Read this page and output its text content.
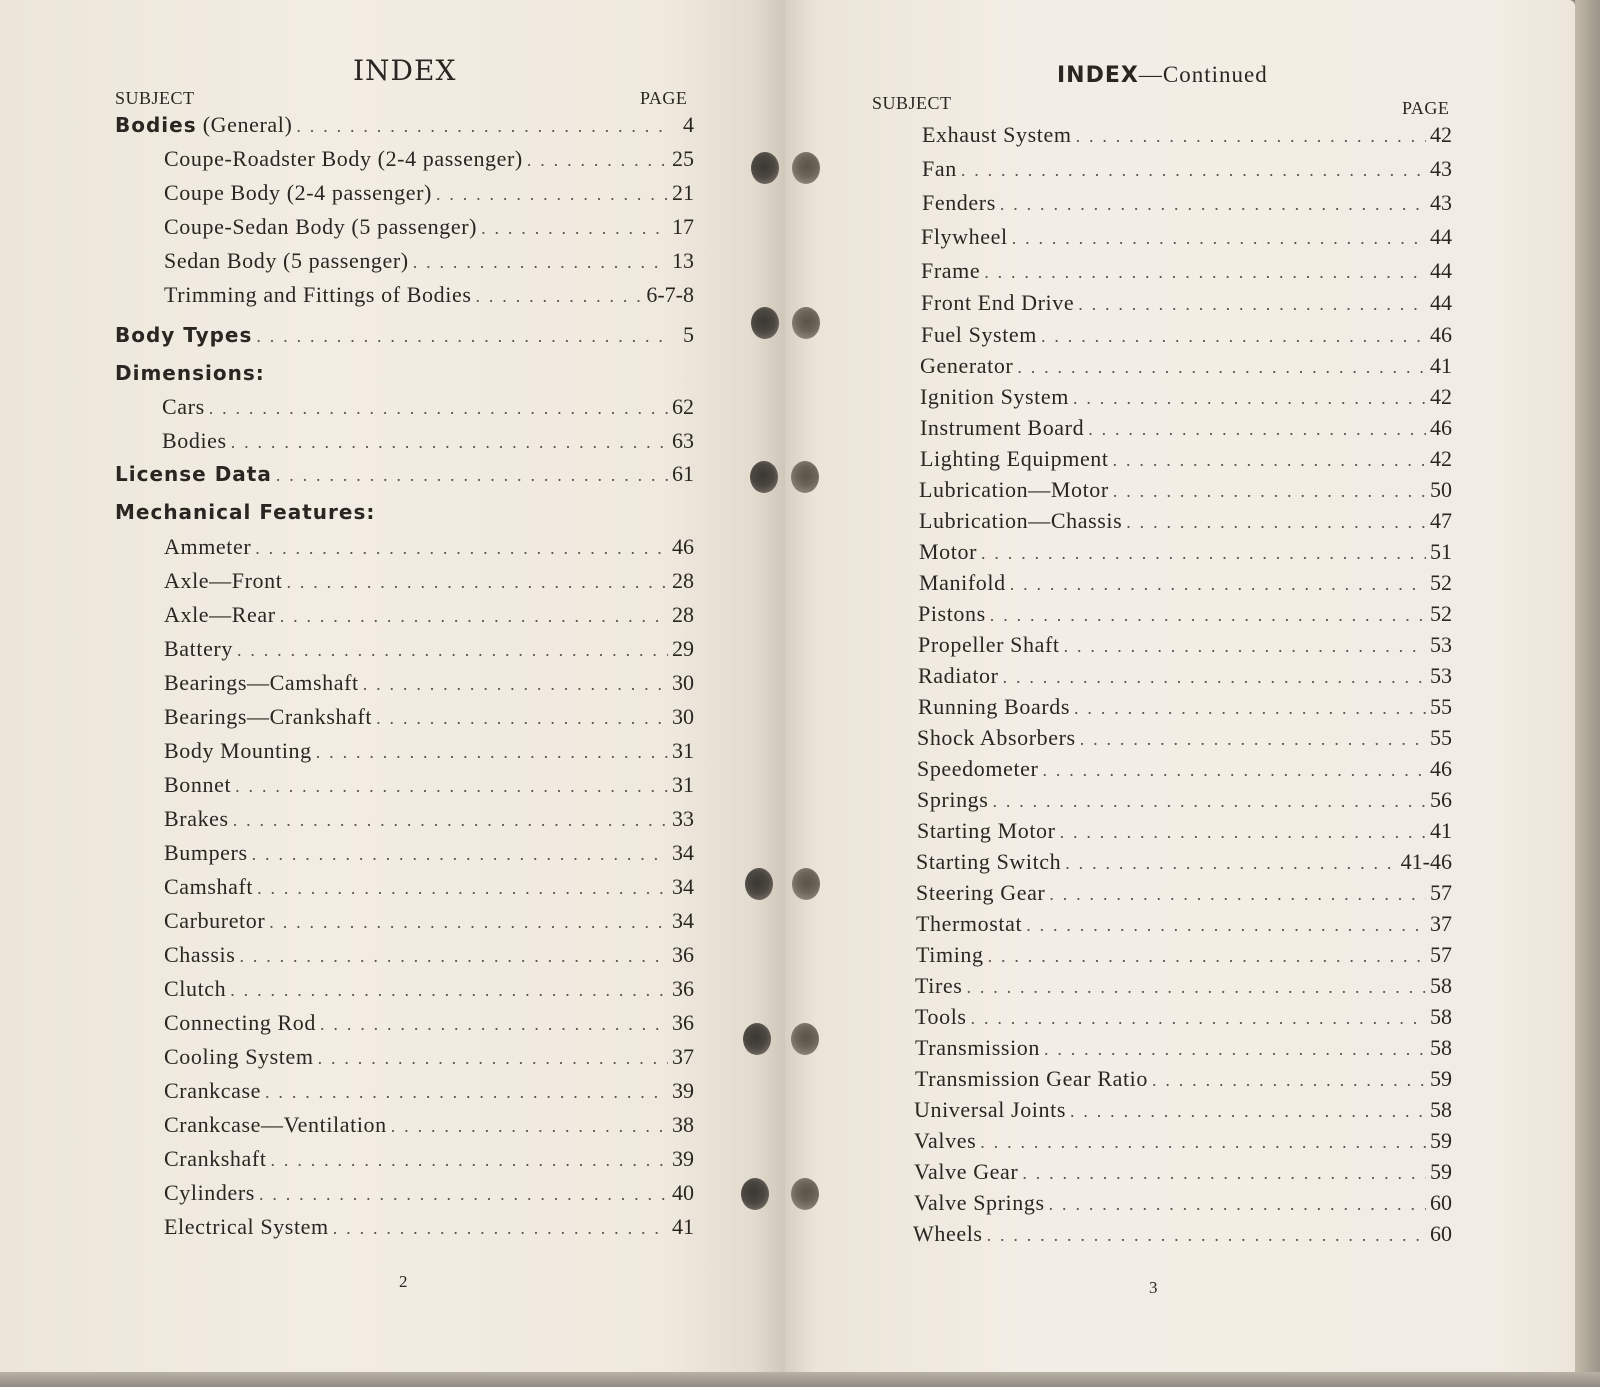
INDEX
SUBJECT	PAGE
Bodies (General) . . .	4
Coupe-Roadster Body (2-4 passenger) . . .	25
Coupe Body (2-4 passenger) . . .	21
Coupe-Sedan Body (5 passenger) . . .	17
Sedan Body (5 passenger) . . .	13
Trimming and Fittings of Bodies . . .	6-7-8
Body Types . . .	5
Dimensions:
Cars . . .	62
Bodies . . .	63
License Data . . .	61
Mechanical Features:
Ammeter . . .	46
Axle—Front . . .	28
Axle—Rear . . .	28
Battery . . .	29
Bearings—Camshaft . . .	30
Bearings—Crankshaft . . .	30
Body Mounting . . .	31
Bonnet . . .	31
Brakes . . .	33
Bumpers . . .	34
Camshaft . . .	34
Carburetor . . .	34
Chassis . . .	36
Clutch . . .	36
Connecting Rod . . .	36
Cooling System . . .	37
Crankcase . . .	39
Crankcase—Ventilation . . .	38
Crankshaft . . .	39
Cylinders . . .	40
Electrical System . . .	41
2
INDEX—Continued
SUBJECT	PAGE
Exhaust System . . .	42
Fan . . .	43
Fenders . . .	43
Flywheel . . .	44
Frame . . .	44
Front End Drive . . .	44
Fuel System . . .	46
Generator . . .	41
Ignition System . . .	42
Instrument Board . . .	46
Lighting Equipment . . .	42
Lubrication—Motor . . .	50
Lubrication—Chassis . . .	47
Motor . . .	51
Manifold . . .	52
Pistons . . .	52
Propeller Shaft . . .	53
Radiator . . .	53
Running Boards . . .	55
Shock Absorbers . . .	55
Speedometer . . .	46
Springs . . .	56
Starting Motor . . .	41
Starting Switch . . .	41-46
Steering Gear . . .	57
Thermostat . . .	37
Timing . . .	57
Tires . . .	58
Tools . . .	58
Transmission . . .	58
Transmission Gear Ratio . . .	59
Universal Joints . . .	58
Valves . . .	59
Valve Gear . . .	59
Valve Springs . . .	60
Wheels . . .	60
3
